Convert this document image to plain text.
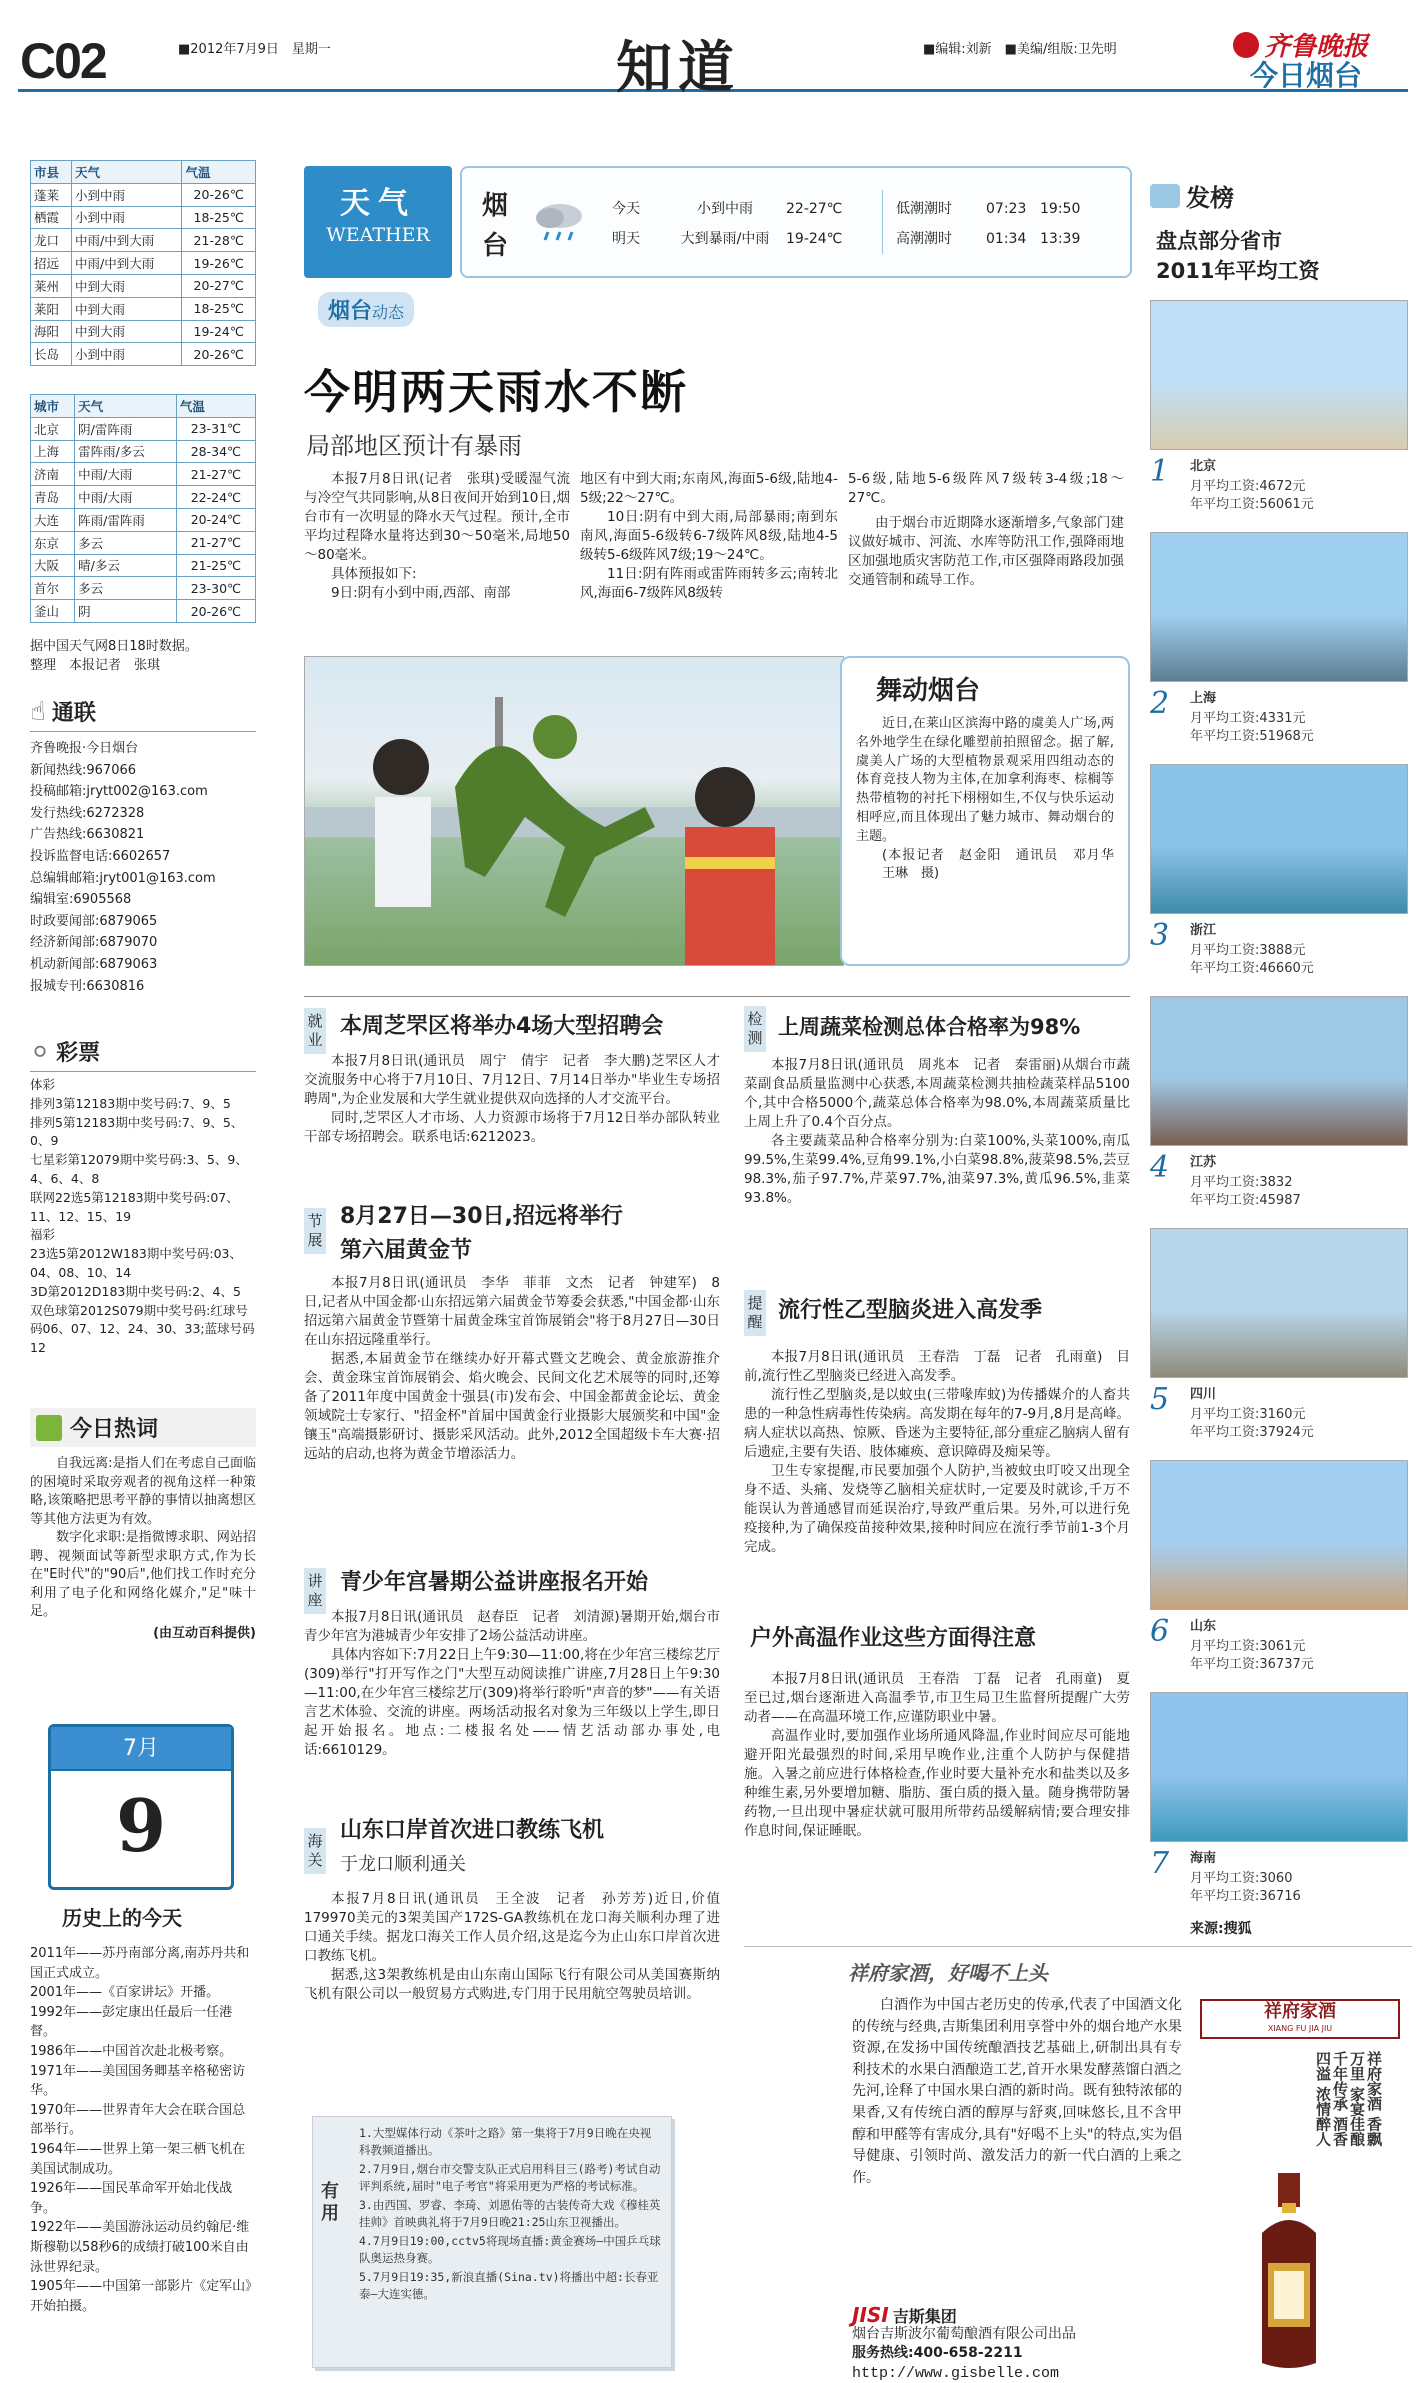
C02	■2012年7月9日　星期一	知道	■编辑:刘新　■美编/组版:卫先明	齐鲁晚报
今日烟台
市县	天气	气温
蓬莱	小到中雨	20-26℃
栖霞	小到中雨	18-25℃
龙口	中雨/中到大雨	21-28℃
招远	中雨/中到大雨	19-26℃
莱州	中到大雨	20-27℃
莱阳	中到大雨	18-25℃
海阳	中到大雨	19-24℃
长岛	小到中雨	20-26℃
城市	天气	气温
北京	阴/雷阵雨	23-31℃
上海	雷阵雨/多云	28-34℃
济南	中雨/大雨	21-27℃
青岛	中雨/大雨	22-24℃
大连	阵雨/雷阵雨	20-24℃
东京	多云	21-27℃
大阪	晴/多云	21-25℃
首尔	多云	23-30℃
釜山	阴	20-26℃
据中国天气网8日18时数据。
整理　本报记者　张琪
☝ 通联
齐鲁晚报·今日烟台
新闻热线:967066
投稿邮箱:jrytt002@163.com
发行热线:6272328
广告热线:6630821
投诉监督电话:6602657
总编辑邮箱:jryt001@163.com
编辑室:6905568
时政要闻部:6879065
经济新闻部:6879070
机动新闻部:6879063
报城专刊:6630816
⚪ 彩票
体彩
排列3第12183期中奖号码:7、9、5
排列5第12183期中奖号码:7、9、5、0、9
七星彩第12079期中奖号码:3、5、9、4、6、4、8
联网22选5第12183期中奖号码:07、11、12、15、19
福彩
23选5第2012W183期中奖号码:03、04、08、10、14
3D第2012D183期中奖号码:2、4、5
双色球第2012S079期中奖号码:红球号码06、07、12、24、30、33;蓝球号码12
今日热词

自我远离:是指人们在考虑自己面临的困境时采取旁观者的视角这样一种策略,该策略把思考平静的事情以抽离想区等其他方法更为有效。

数字化求职:是指微博求职、网站招聘、视频面试等新型求职方式,作为长在"E时代"的"90后",他们找工作时充分利用了电子化和网络化媒介,"足"味十足。

(由互动百科提供)
7月
9
历史上的今天
2011年——苏丹南部分离,南苏丹共和国正式成立。
2001年——《百家讲坛》开播。
1992年——彭定康出任最后一任港督。
1986年——中国首次赴北极考察。
1971年——美国国务卿基辛格秘密访华。
1970年——世界青年大会在联合国总部举行。
1964年——世界上第一架三栖飞机在美国试制成功。
1926年——国民革命军开始北伐战争。
1922年——美国游泳运动员约翰尼·维斯穆勒以58秒6的成绩打破100米自由泳世界纪录。
1905年——中国第一部影片《定军山》开始拍摄。
天气
WEATHER
烟台
今天	小到中雨 22-27℃
明天	大到暴雨/中雨 19-24℃
低潮潮时 07:23 19:50
高潮潮时 01:34 13:39
烟台动态
今明两天雨水不断
局部地区预计有暴雨

本报7月8日讯(记者　张琪)受暖湿气流与冷空气共同影响,从8日夜间开始到10日,烟台市有一次明显的降水天气过程。预计,全市平均过程降水量将达到30～50毫米,局地50～80毫米。

具体预报如下:

9日:阴有小到中雨,西部、南部

地区有中到大雨;东南风,海面5-6级,陆地4-5级;22～27℃。

10日:阴有中到大雨,局部暴雨;南到东南风,海面5-6级转6-7级阵风8级,陆地4-5级转5-6级阵风7级;19～24℃。

11日:阴有阵雨或雷阵雨转多云;南转北风,海面6-7级阵风8级转

5-6级,陆地5-6级阵风7级转3-4级;18～27℃。

由于烟台市近期降水逐渐增多,气象部门建议做好城市、河流、水库等防汛工作,强降雨地区加强地质灾害防范工作,市区强降雨路段加强交通管制和疏导工作。

舞动烟台

近日,在莱山区滨海中路的虞美人广场,两名外地学生在绿化雕塑前拍照留念。据了解,虞美人广场的大型植物景观采用四组动态的体育竞技人物为主体,在加拿利海枣、棕榈等热带植物的衬托下栩栩如生,不仅与快乐运动相呼应,而且体现出了魅力城市、舞动烟台的主题。

(本报记者　赵金阳　通讯员　邓月华　王琳　摄)

就业
本周芝罘区将举办4场大型招聘会

本报7月8日讯(通讯员　周宁　倩宇　记者　李大鹏)芝罘区人才交流服务中心将于7月10日、7月12日、7月14日举办"毕业生专场招聘周",为企业发展和大学生就业提供双向选择的人才交流平台。

同时,芝罘区人才市场、人力资源市场将于7月12日举办部队转业干部专场招聘会。联系电话:6212023。

节展
8月27日—30日,招远将举行
第六届黄金节

本报7月8日讯(通讯员　李华　菲菲　文杰　记者　钟建军)　8日,记者从中国金都·山东招远第六届黄金节筹委会获悉,"中国金都·山东招远第六届黄金节暨第十届黄金珠宝首饰展销会"将于8月27日—30日在山东招远隆重举行。

据悉,本届黄金节在继续办好开幕式暨文艺晚会、黄金旅游推介会、黄金珠宝首饰展销会、焰火晚会、民间文化艺术展等的同时,还筹备了2011年度中国黄金十强县(市)发布会、中国金都黄金论坛、黄金领域院士专家行、"招金杯"首届中国黄金行业摄影大展颁奖和中国"金镶玉"高端摄影研讨、摄影采风活动。此外,2012全国超级卡车大赛·招远站的启动,也将为黄金节增添活力。

讲座
青少年宫暑期公益讲座报名开始

本报7月8日讯(通讯员　赵春臣　记者　刘清源)暑期开始,烟台市青少年宫为港城青少年安排了2场公益活动讲座。

具体内容如下:7月22日上午9:30—11:00,将在少年宫三楼综艺厅(309)举行"打开写作之门"大型互动阅读推广讲座,7月28日上午9:30—11:00,在少年宫三楼综艺厅(309)将举行聆听"声音的梦"——有关语言艺术体验、交流的讲座。两场活动报名对象为三年级以上学生,即日起开始报名。地点:二楼报名处——情艺活动部办事处,电话:6610129。

海关
山东口岸首次进口教练飞机
于龙口顺利通关

本报7月8日讯(通讯员　王全波　记者　孙芳芳)近日,价值179970美元的3架美国产172S-GA教练机在龙口海关顺利办理了进口通关手续。据龙口海关工作人员介绍,这是迄今为止山东口岸首次进口教练飞机。

据悉,这3架教练机是由山东南山国际飞行有限公司从美国赛斯纳飞机有限公司以一般贸易方式购进,专门用于民用航空驾驶员培训。

有用
1.大型媒体行动《茶叶之路》第一集将于7月9日晚在央视科教频道播出。
2.7月9日,烟台市交警支队正式启用科目三(路考)考试自动评判系统,届时"电子考官"将采用更为严格的考试标准。
3.由西国、罗睿、李琦、刘恩佑等的古装传奇大戏《穆桂英挂帅》首映典礼将于7月9日晚21:25山东卫视播出。
4.7月9日19:00,cctv5将现场直播:黄金赛场—中国乒乓球队奥运热身赛。
5.7月9日19:35,新浪直播(Sina.tv)将播出中超:长春亚泰—大连实德。
检测 上周蔬菜检测总体合格率为98%

本报7月8日讯(通讯员　周兆本　记者　秦雷丽)从烟台市蔬菜副食品质量监测中心获悉,本周蔬菜检测共抽检蔬菜样品5100个,其中合格5000个,蔬菜总体合格率为98.0%,本周蔬菜质量比上周上升了0.4个百分点。

各主要蔬菜品种合格率分别为:白菜100%,头菜100%,南瓜99.5%,生菜99.4%,豆角99.1%,小白菜98.8%,菠菜98.5%,芸豆98.3%,茄子97.7%,芹菜97.7%,油菜97.3%,黄瓜96.5%,韭菜93.8%。

提醒 流行性乙型脑炎进入高发季

本报7月8日讯(通讯员　王春浩　丁磊　记者　孔雨童)　目前,流行性乙型脑炎已经进入高发季。

流行性乙型脑炎,是以蚊虫(三带喙库蚊)为传播媒介的人畜共患的一种急性病毒性传染病。高发期在每年的7-9月,8月是高峰。病人症状以高热、惊厥、昏迷为主要特征,部分重症乙脑病人留有后遗症,主要有失语、肢体瘫痪、意识障碍及痴呆等。

卫生专家提醒,市民要加强个人防护,当被蚊虫叮咬又出现全身不适、头痛、发烧等乙脑相关症状时,一定要及时就诊,千万不能误认为普通感冒而延误治疗,导致严重后果。另外,可以进行免疫接种,为了确保疫苗接种效果,接种时间应在流行季节前1-3个月完成。

户外高温作业这些方面得注意

本报7月8日讯(通讯员　王春浩　丁磊　记者　孔雨童)　夏至已过,烟台逐渐进入高温季节,市卫生局卫生监督所提醒广大劳动者——在高温环境工作,应谨防职业中暑。

高温作业时,要加强作业场所通风降温,作业时间应尽可能地避开阳光最强烈的时间,采用早晚作业,注重个人防护与保健措施。入暑之前应进行体格检查,作业时要大量补充水和盐类以及多种维生素,另外要增加糖、脂肪、蛋白质的摄入量。随身携带防暑药物,一旦出现中暑症状就可服用所带药品缓解病情;要合理安排作息时间,保证睡眠。

祥府家酒，好喝不上头

白酒作为中国古老历史的传承,代表了中国酒文化的传统与经典,吉斯集团利用享誉中外的烟台地产水果资源,在发扬中国传统酿酒技艺基础上,研制出具有专利技术的水果白酒酿造工艺,首开水果发酵蒸馏白酒之先河,诠释了中国水果白酒的新时尚。既有独特浓郁的果香,又有传统白酒的醇厚与舒爽,回味悠长,且不含甲醇和甲醛等有害成分,具有"好喝不上头"的特点,实为倡导健康、引领时尚、激发活力的新一代白酒的上乘之作。

JISI 吉斯集团
烟台吉斯波尔葡萄酿酒有限公司出品
服务热线:400-658-2211
http://www.gisbelle.com
祥府家酒
XIANG FU JIA JIU
祥府家酒 香飘万里 家宴佳酿 千年传承 酒香四溢 浓情醉人
发榜
盘点部分省市
2011年平均工资
1 北京
月平均工资:4672元
年平均工资:56061元
2 上海
月平均工资:4331元
年平均工资:51968元
3 浙江
月平均工资:3888元
年平均工资:46660元
4 江苏
月平均工资:3832
年平均工资:45987
5 四川
月平均工资:3160元
年平均工资:37924元
6 山东
月平均工资:3061元
年平均工资:36737元
7 海南
月平均工资:3060
年平均工资:36716
来源:搜狐
